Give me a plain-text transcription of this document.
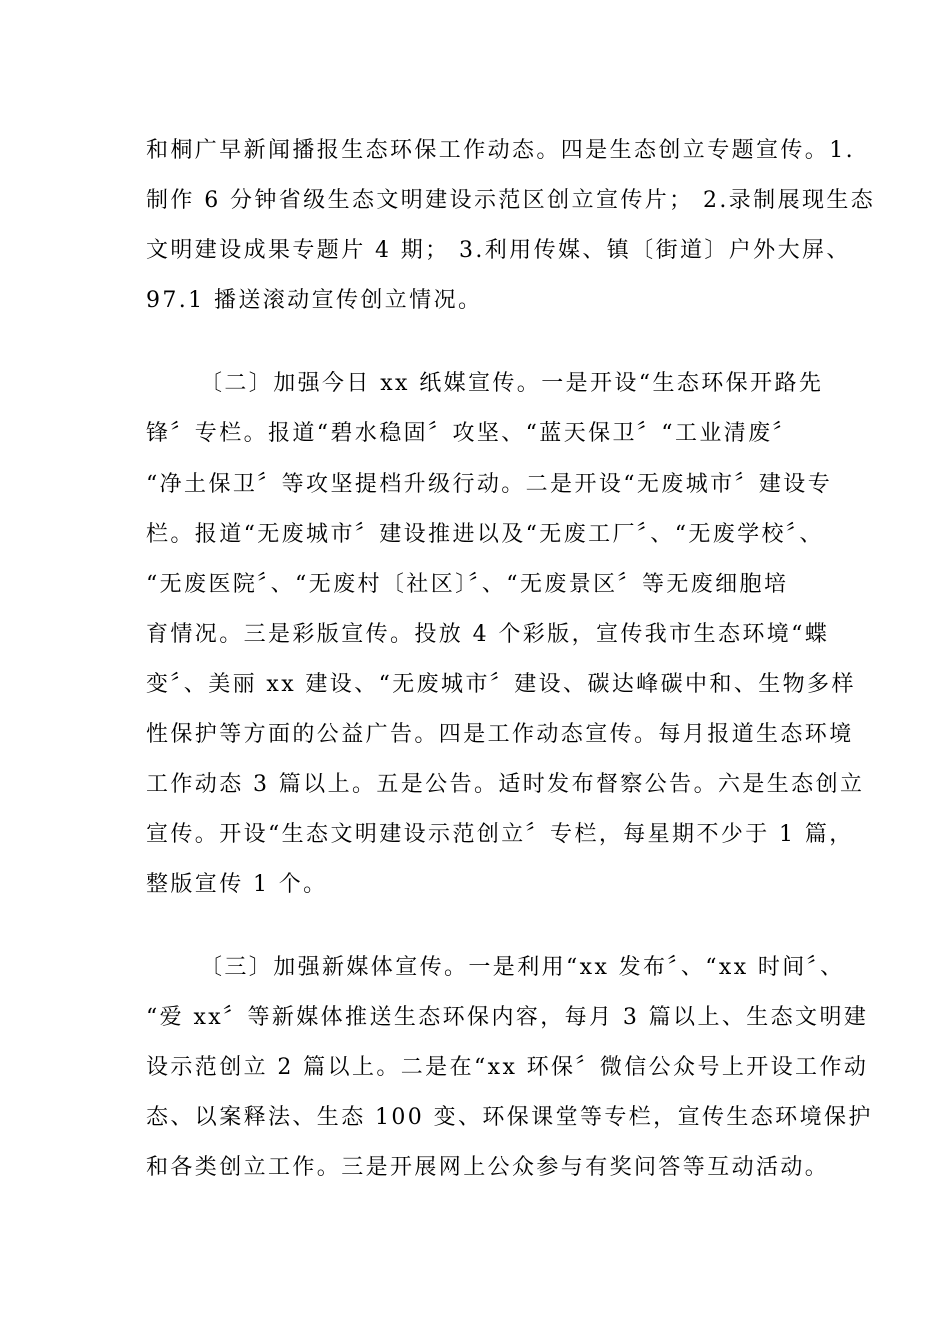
和桐广早新闻播报生态环保工作动态。四是生态创立专题宣传。1.
制作 6 分钟省级生态文明建设示范区创立宣传片； 2.录制展现生态
文明建设成果专题片 4 期； 3.利用传媒、镇〔街道〕户外大屏、
97.1 播送滚动宣传创立情况。
〔二〕加强今日 xx 纸媒宣传。一是开设“生态环保开路先
锋〞专栏。报道“碧水稳固〞攻坚、“蓝天保卫〞“工业清废〞
“净土保卫〞等攻坚提档升级行动。二是开设“无废城市〞建设专
栏。报道“无废城市〞建设推进以及“无废工厂〞、“无废学校〞、
“无废医院〞、“无废村〔社区〕〞、“无废景区〞等无废细胞培
育情况。三是彩版宣传。投放 4 个彩版，宣传我市生态环境“蝶
变〞、美丽 xx 建设、“无废城市〞建设、碳达峰碳中和、生物多样
性保护等方面的公益广告。四是工作动态宣传。每月报道生态环境
工作动态 3 篇以上。五是公告。适时发布督察公告。六是生态创立
宣传。开设“生态文明建设示范创立〞专栏，每星期不少于 1 篇，
整版宣传 1 个。
〔三〕加强新媒体宣传。一是利用“xx 发布〞、“xx 时间〞、
“爱 xx〞等新媒体推送生态环保内容，每月 3 篇以上、生态文明建
设示范创立 2 篇以上。二是在“xx 环保〞微信公众号上开设工作动
态、以案释法、生态 100 变、环保课堂等专栏，宣传生态环境保护
和各类创立工作。三是开展网上公众参与有奖问答等互动活动。
